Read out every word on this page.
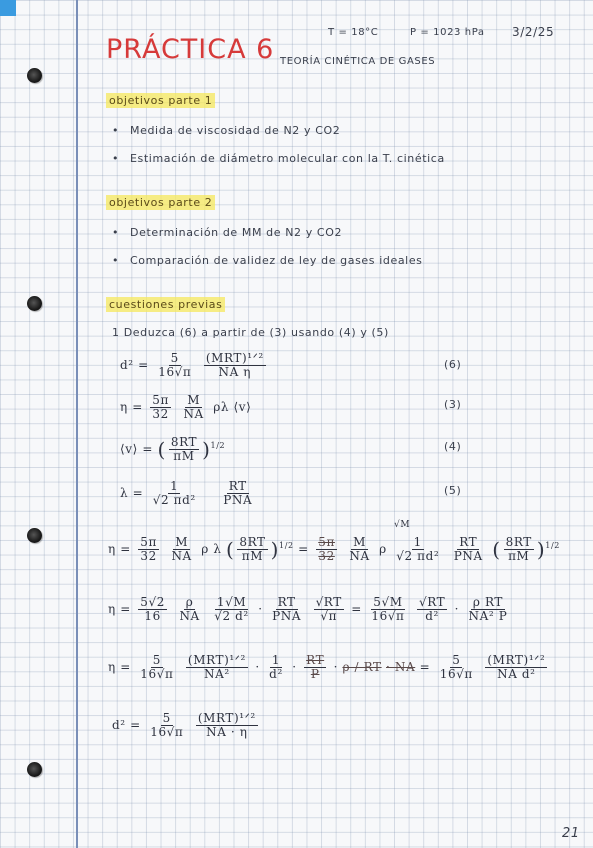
PRÁCTICA 6 TEORÍA CINÉTICA DE GASES
T = 18°C	P = 1023 hPa 3/2/25
objetivos parte 1
• Medida de viscosidad de N2 y CO2
• Estimación de diámetro molecular con la T. cinética
objetivos parte 2
• Determinación de MM de N2 y CO2
• Comparación de validez de ley de gases ideales
cuestiones previas
1 Deduzca (6) a partir de (3) usando (4) y (5)
$d^2 = \frac{5}{16√\pi}$
$\frac{\text{(MRT)¹ᐟ²}}{\text{NA η}}$	(6)
$\eta = \frac{5\pi}{32}$
$\frac{M}{NA}$ ρλ ⟨v⟩	(3)
⟨v⟩ = ( $\frac{8RT}{\pi M} )^{1/2}$	(4)
$\lambda = \frac{1}{\text{√2 πd²}}$
$\frac{RT}{\text{PNA}}$	(5)
$\eta = \frac{5\pi}{32}$
$\frac{M}{NA}$ ρ λ ( $\frac{8RT}{\pi M} )^{1/2} = \frac{5\pi}{32}$
$\frac{M}{NA}$ ρ $\frac{1}{\text{√2 πd²}}$
$\frac{RT}{\text{PNA}}$ ( $\frac{8RT}{\pi M} )^{1/2}$
√M
$\eta = \frac{5√2}{16}$
$\frac{\rho}{NA}$
$\frac{1√M}{\text{√2 d²}} \cdot \frac{RT}{\text{PNA}}$
$\frac{√RT}{√\pi} = \frac{5√M}{16√\pi}$
$\frac{√RT}{\text{d²}} \cdot \frac{\text{ρ RT}}{\text{NA² P}}$
$\eta = \frac{5}{16√\pi}$
$\frac{\text{(MRT)¹ᐟ²}}{\text{NA²}} \cdot \frac{1}{\text{d²}} \cdot \frac{RT}{P} \cdot \rho$ / RT · NA = $\frac{5}{16√\pi}$
$\frac{\text{(MRT)¹ᐟ²}}{\text{NA d²}}$
$d^2 = \frac{5}{16√\pi}$
$\frac{\text{(MRT)¹ᐟ²}}{NA \cdot \eta}$
21
